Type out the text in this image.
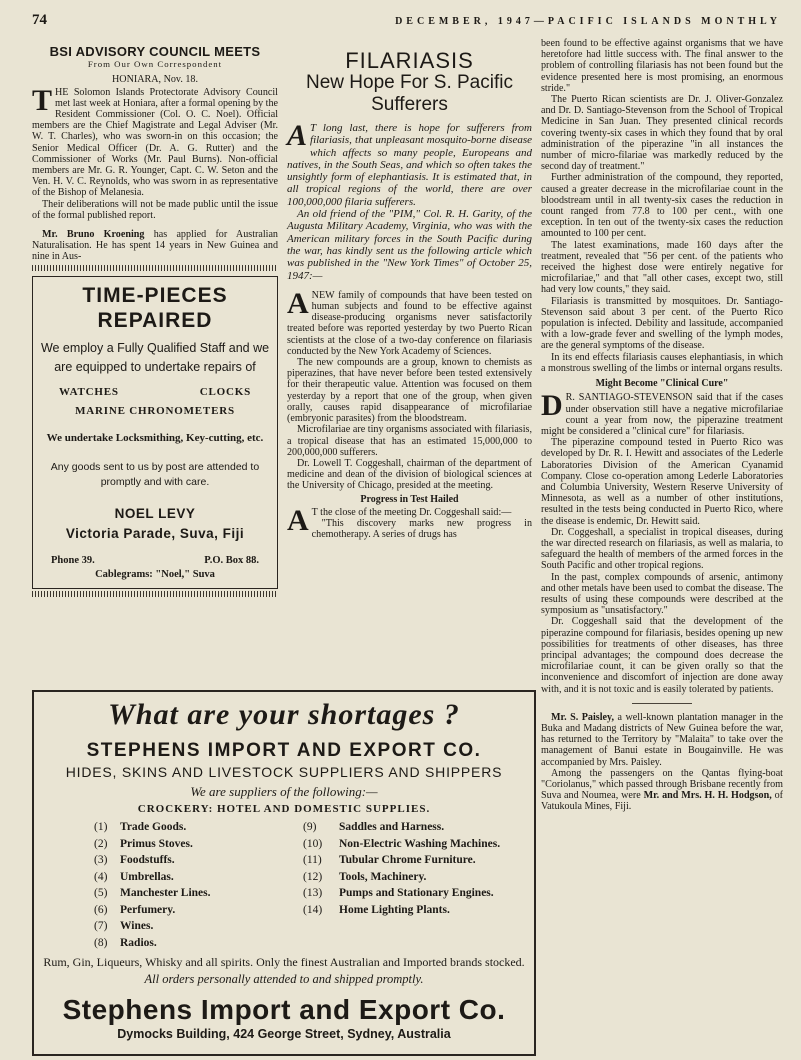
74	DECEMBER, 1947—PACIFIC ISLANDS MONTHLY
BSI ADVISORY COUNCIL MEETS
From Our Own Correspondent

HONIARA, Nov. 18.

THE Solomon Islands Protectorate Advisory Council met last week at Honiara, after a formal opening by the Resident Commissioner (Col. O. C. Noel). Official members are the Chief Magistrate and Legal Adviser (Mr. W. T. Charles), who was sworn-in on this occasion; the Senior Medical Officer (Dr. A. G. Rutter) and the Commissioner of Works (Mr. Paul Burns). Non-official members are Mr. G. R. Younger, Capt. C. W. Seton and the Ven. H. V. C. Reynolds, who was sworn in as representative of the Bishop of Melanesia.

Their deliberations will not be made public until the issue of the formal published report.

Mr. Bruno Kroening has applied for Australian Naturalisation. He has spent 14 years in New Guinea and nine in Aus-

TIME-PIECES
REPAIRED
We employ a Fully Qualified Staff and we are equipped to undertake repairs of
WATCHES	CLOCKS
MARINE CHRONOMETERS
We undertake Locksmithing, Key-cutting, etc.
Any goods sent to us by post are attended to promptly and with care.
NOEL LEVY
Victoria Parade, Suva, Fiji
Phone 39.	P.O. Box 88.
Cablegrams: "Noel," Suva
FILARIASIS
New Hope For S. Pacific Sufferers

A T long last, there is hope for sufferers from filariasis, that unpleasant mosquito-borne disease which affects so many people, Europeans and natives, in the South Seas, and which so often takes the unsightly form of elephantiasis. It is estimated that, in all tropical regions of the world, there are over 100,000,000 filaria sufferers.

An old friend of the "PIM," Col. R. H. Garity, of the Augusta Military Academy, Virginia, who was with the American military forces in the South Pacific during the war, has kindly sent us the following article which was published in the "New York Times" of October 25, 1947:—

ANEW family of compounds that have been tested on human subjects and found to be effective against disease-producing organisms never satisfactorily treated before was reported yesterday by two Puerto Rican scientists at the close of a two-day conference on filariasis conducted by the New York Academy of Sciences.

The new compounds are a group, known to chemists as piperazines, that have never before been tested extensively for their therapeutic value. Attention was focused on them yesterday by a report that one of the group, when given orally, causes rapid disappearance of microfilariae (embryonic parasites) from the bloodstream.

Microfilariae are tiny organisms associated with filariasis, a tropical disease that has an estimated 15,000,000 to 200,000,000 sufferers.

Dr. Lowell T. Coggeshall, chairman of the department of medicine and dean of the division of biological sciences at the University of Chicago, presided at the meeting.

Progress in Test Hailed

A T the close of the meeting Dr. Coggeshall said:—

"This discovery marks new progress in chemotherapy. A series of drugs has

been found to be effective against organisms that we have heretofore had little success with. The final answer to the problem of controlling filariasis has not been found but the evidence presented here is most promising, an enormous stride."

The Puerto Rican scientists are Dr. J. Oliver-Gonzalez and Dr. D. Santiago-Stevenson from the School of Tropical Medicine in San Juan. They presented clinical records covering twenty-six cases in which they found that by oral administration of the piperazine "in all instances the number of micro-filariae was markedly reduced by the second day of treatment."

Further administration of the compound, they reported, caused a greater decrease in the microfilariae count in the bloodstream until in all twenty-six cases the reduction in count ranged from 77.8 to 100 per cent., with one exception. In ten out of the twenty-six cases the reduction amounted to 100 per cent.

The latest examinations, made 160 days after the treatment, revealed that "56 per cent. of the patients who received the highest dose were entirely negative for microfilariae," and that "all other cases, except two, still had very low counts," they said.

Filariasis is transmitted by mosquitoes. Dr. Santiago-Stevenson said about 3 per cent. of the Puerto Rico population is infected. Debility and lassitude, accompanied with a low-grade fever and swelling of the lymph modes, are the general symptoms of the disease.

In its end effects filariasis causes elephantiasis, in which a monstrous swelling of the limbs or internal organs results.

Might Become "Clinical Cure"

D R. SANTIAGO-STEVENSON said that if the cases under observation still have a negative microfilariae count a year from now, the piperazine treatment might be considered a "clinical cure" for filariasis.

The piperazine compound tested in Puerto Rico was developed by Dr. R. I. Hewitt and associates of the Lederle Laboratories Division of the American Cyanamid Company. Close co-operation among Lederle Laboratories and Columbia University, Western Reserve University of Minnesota, as well as a number of other institutions, resulted in the tests being conducted in Puerto Rico, where the disease is endemic, Dr. Hewitt said.

Dr. Coggeshall, a specialist in tropical diseases, during the war directed research on filariasis, as well as malaria, to safeguard the health of members of the armed forces in the South Pacific and other tropical regions.

In the past, complex compounds of arsenic, antimony and other metals have been used to combat the disease. The results of using these compounds were described at the symposium as "unsatisfactory."

Dr. Coggeshall said that the development of the piperazine compound for filariasis, besides opening up new possibilities for treatments of other diseases, has three principal advantages; the compound does decrease the microfilariae count, it can be given orally so that the inconvenience and discomfort of injection are done away with, and it is not toxic and is easily tolerated by patients.

Mr. S. Paisley, a well-known plantation manager in the Buka and Madang districts of New Guinea before the war, has returned to the Territory by "Malaita" to take over the management of Banui estate in Bougainville. He was accompanied by Mrs. Paisley.

Among the passengers on the Qantas flying-boat "Coriolanus," which passed through Brisbane recently from Suva and Noumea, were Mr. and Mrs. H. H. Hodgson, of Vatukoula Mines, Fiji.

What are your shortages ?
STEPHENS IMPORT AND EXPORT CO.
HIDES, SKINS AND LIVESTOCK SUPPLIERS AND SHIPPERS
We are suppliers of the following:—
CROCKERY: HOTEL AND DOMESTIC SUPPLIES.
(1)	Trade Goods.
(2)	Primus Stoves.
(3)	Foodstuffs.
(4)	Umbrellas.
(5)	Manchester Lines.
(6)	Perfumery.
(7)	Wines.
(8)	Radios.
(9)	Saddles and Harness.
(10)	Non-Electric Washing Machines.
(11)	Tubular Chrome Furniture.
(12)	Tools, Machinery.
(13)	Pumps and Stationary Engines.
(14)	Home Lighting Plants.
Rum, Gin, Liqueurs, Whisky and all spirits. Only the finest Australian and Imported brands stocked.
All orders personally attended to and shipped promptly.
Stephens Import and Export Co.
Dymocks Building, 424 George Street, Sydney, Australia
